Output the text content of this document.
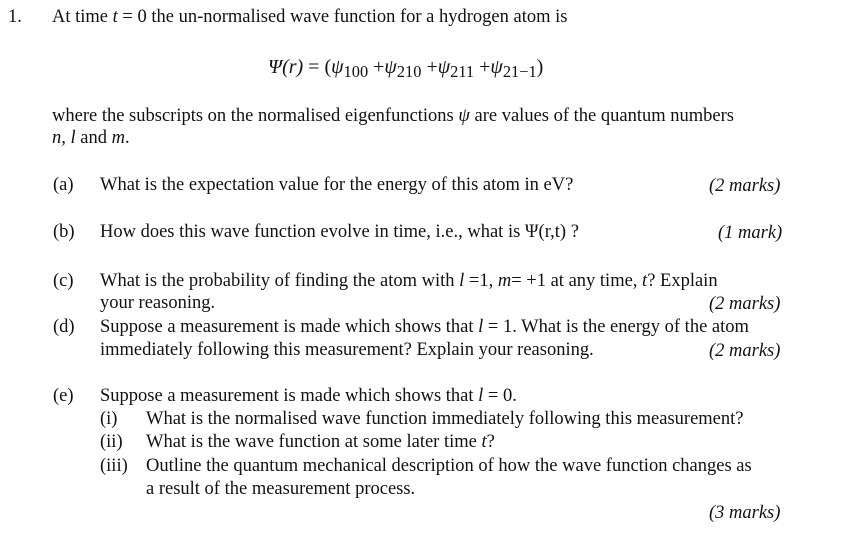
1. At time t = 0 the un-normalised wave function for a hydrogen atom is
$\Psi(r) = (\psi_{100} +\psi_{210} +\psi_{211} +\psi_{21-1})$
where the subscripts on the normalised eigenfunctions ψ are values of the quantum numbers
n, l and m.
(a) What is the expectation value for the energy of this atom in eV?	(2 marks)
(b) How does this wave function evolve in time, i.e., what is Ψ(r,t) ?	(1 mark)
(c) What is the probability of finding the atom with l =1, m= +1 at any time, t? Explain
your reasoning.	(2 marks)
(d) Suppose a measurement is made which shows that l = 1. What is the energy of the atom
immediately following this measurement? Explain your reasoning.	(2 marks)
(e) Suppose a measurement is made which shows that l = 0.
(i) What is the normalised wave function immediately following this measurement?
(ii) What is the wave function at some later time t?
(iii) Outline the quantum mechanical description of how the wave function changes as
a result of the measurement process.
(3 marks)
